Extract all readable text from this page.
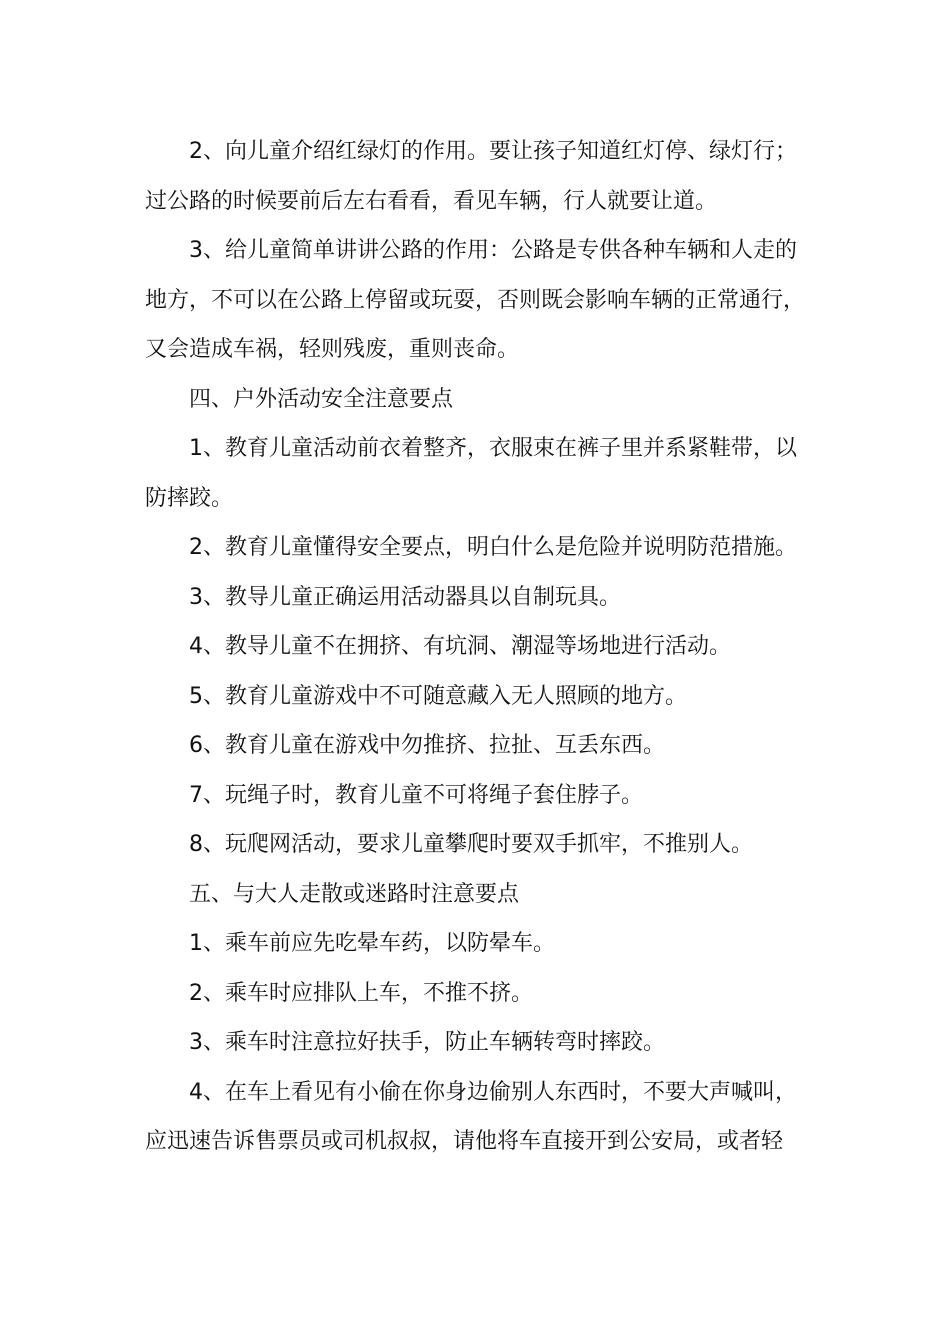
2、向儿童介绍红绿灯的作用。要让孩子知道红灯停、绿灯行；过公路的时候要前后左右看看，看见车辆，行人就要让道。

3、给儿童简单讲讲公路的作用：公路是专供各种车辆和人走的地方，不可以在公路上停留或玩耍，否则既会影响车辆的正常通行，又会造成车祸，轻则残废，重则丧命。

四、户外活动安全注意要点

1、教育儿童活动前衣着整齐，衣服束在裤子里并系紧鞋带，以防摔跤。

2、教育儿童懂得安全要点，明白什么是危险并说明防范措施。

3、教导儿童正确运用活动器具以自制玩具。

4、教导儿童不在拥挤、有坑洞、潮湿等场地进行活动。

5、教育儿童游戏中不可随意藏入无人照顾的地方。

6、教育儿童在游戏中勿推挤、拉扯、互丢东西。

7、玩绳子时，教育儿童不可将绳子套住脖子。

8、玩爬网活动，要求儿童攀爬时要双手抓牢，不推别人。

五、与大人走散或迷路时注意要点

1、乘车前应先吃晕车药，以防晕车。

2、乘车时应排队上车，不推不挤。

3、乘车时注意拉好扶手，防止车辆转弯时摔跤。

4、在车上看见有小偷在你身边偷别人东西时，不要大声喊叫，应迅速告诉售票员或司机叔叔，请他将车直接开到公安局，或者轻
